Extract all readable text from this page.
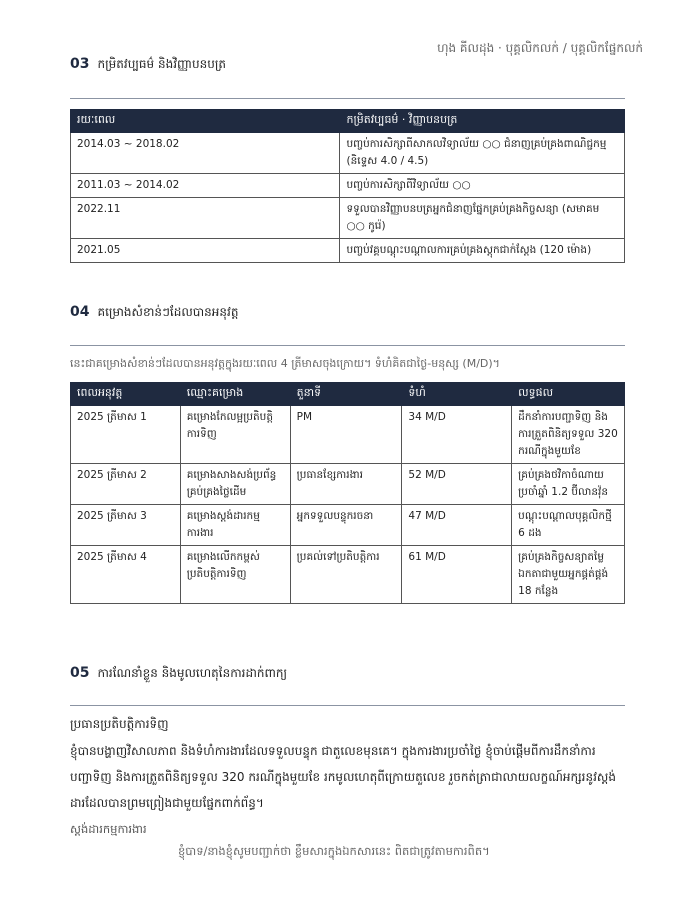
ហុង គីលដុង · បុគ្គលិកលក់ / បុគ្គលិកផ្នែកលក់
03 កម្រិតវប្បធម៌ និងវិញ្ញាបនបត្រ
រយៈពេល	កម្រិតវប្បធម៌ · វិញ្ញាបនបត្រ
2014.03 ~ 2018.02	បញ្ចប់ការសិក្សាពីសាកលវិទ្យាល័យ ○○ ជំនាញគ្រប់គ្រងពាណិជ្ជកម្ម (និទ្ទេស 4.0 / 4.5)
2011.03 ~ 2014.02	បញ្ចប់ការសិក្សាពីវិទ្យាល័យ ○○
2022.11	ទទួលបានវិញ្ញាបនបត្រអ្នកជំនាញផ្នែកគ្រប់គ្រងកិច្ចសន្យា (សមាគម ○○ កូរ៉េ)
2021.05	បញ្ចប់វគ្គបណ្តុះបណ្តាលការគ្រប់គ្រងស្តុកជាក់ស្តែង (120 ម៉ោង)
04 គម្រោងសំខាន់ៗដែលបានអនុវត្ត
នេះជាគម្រោងសំខាន់ៗដែលបានអនុវត្តក្នុងរយៈពេល 4 ត្រីមាសចុងក្រោយ។ ទំហំគិតជាថ្ងៃ-មនុស្ស (M/D)។
ពេលអនុវត្ត	ឈ្មោះគម្រោង	តួនាទី	ទំហំ	លទ្ធផល
2025 ត្រីមាស 1	គម្រោងកែលម្អប្រតិបត្តិការទិញ	PM	34 M/D	ដឹកនាំការបញ្ជាទិញ និងការត្រួតពិនិត្យទទួល 320 ករណីក្នុងមួយខែ
2025 ត្រីមាស 2	គម្រោងសាងសង់ប្រព័ន្ធគ្រប់គ្រងថ្លៃដើម	ប្រធានខ្សែការងារ	52 M/D	គ្រប់គ្រងថវិកាចំណាយប្រចាំឆ្នាំ 1.2 ប៊ីលានវ៉ុន
2025 ត្រីមាស 3	គម្រោងស្តង់ដារកម្មការងារ	អ្នកទទួលបន្ទុករចនា	47 M/D	បណ្តុះបណ្តាលបុគ្គលិកថ្មី 6 ដង
2025 ត្រីមាស 4	គម្រោងលើកកម្ពស់ប្រតិបត្តិការទិញ	ប្រគល់ទៅប្រតិបត្តិការ	61 M/D	គ្រប់គ្រងកិច្ចសន្យាតម្លៃឯកតាជាមួយអ្នកផ្គត់ផ្គង់ 18 កន្លែង
05 ការណែនាំខ្លួន និងមូលហេតុនៃការដាក់ពាក្យ
ប្រធានប្រតិបត្តិការទិញ
ខ្ញុំបានបង្ហាញវិសាលភាព និងទំហំការងារដែលទទួលបន្ទុក ជាតួលេខមុនគេ។ ក្នុងការងារប្រចាំថ្ងៃ ខ្ញុំចាប់ផ្តើមពីការដឹកនាំការបញ្ជាទិញ និងការត្រួតពិនិត្យទទួល 320 ករណីក្នុងមួយខែ រកមូលហេតុពីក្រោយតួលេខ រួចកត់ត្រាជាលាយលក្ខណ៍អក្សរនូវស្តង់ដារដែលបានព្រមព្រៀងជាមួយផ្នែកពាក់ព័ន្ធ។
ស្តង់ដារកម្មការងារ
ខ្ញុំបាទ/នាងខ្ញុំសូមបញ្ជាក់ថា ខ្លឹមសារក្នុងឯកសារនេះ ពិតជាត្រូវតាមការពិត។
